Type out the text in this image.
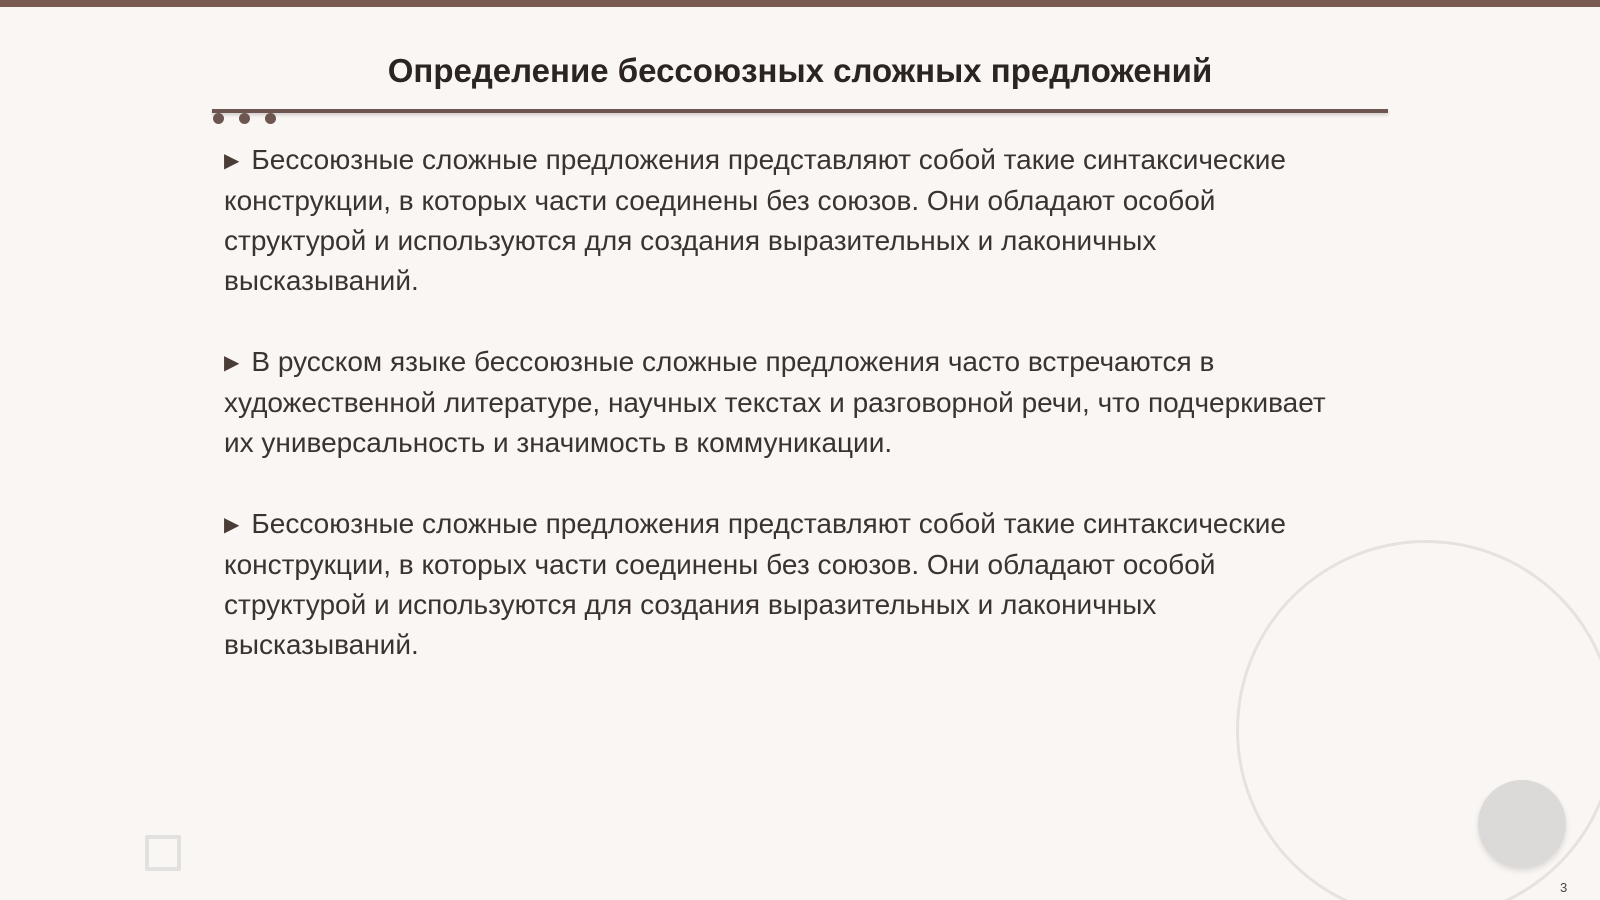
Определение бессоюзных сложных предложений
▶ Бессоюзные сложные предложения представляют собой такие синтаксические конструкции, в которых части соединены без союзов. Они обладают особой структурой и используются для создания выразительных и лаконичных высказываний.
▶ В русском языке бессоюзные сложные предложения часто встречаются в художественной литературе, научных текстах и разговорной речи, что подчеркивает их универсальность и значимость в коммуникации.
▶ Бессоюзные сложные предложения представляют собой такие синтаксические конструкции, в которых части соединены без союзов. Они обладают особой структурой и используются для создания выразительных и лаконичных высказываний.
3
